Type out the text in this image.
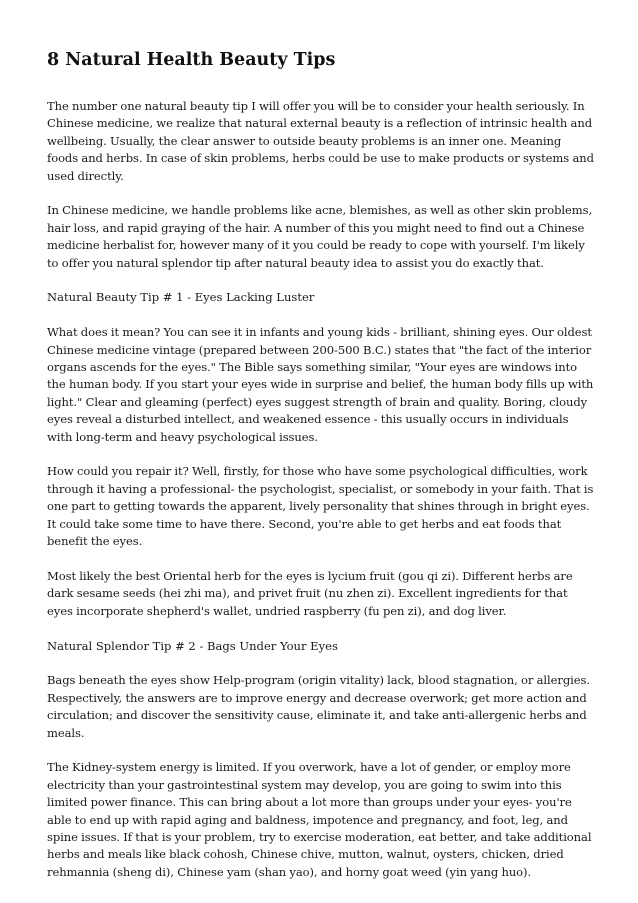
8 Natural Health Beauty Tips

The number one natural beauty tip I will offer you will be to consider your health seriously. In Chinese medicine, we realize that natural external beauty is a reflection of intrinsic health and wellbeing. Usually, the clear answer to outside beauty problems is an inner one. Meaning foods and herbs. In case of skin problems, herbs could be use to make products or systems and used directly.

In Chinese medicine, we handle problems like acne, blemishes, as well as other skin problems, hair loss, and rapid graying of the hair. A number of this you might need to find out a Chinese medicine herbalist for, however many of it you could be ready to cope with yourself. I'm likely to offer you natural splendor tip after natural beauty idea to assist you do exactly that.

Natural Beauty Tip # 1 - Eyes Lacking Luster

What does it mean? You can see it in infants and young kids - brilliant, shining eyes. Our oldest Chinese medicine vintage (prepared between 200-500 B.C.) states that "the fact of the interior organs ascends for the eyes." The Bible says something similar, "Your eyes are windows into the human body. If you start your eyes wide in surprise and belief, the human body fills up with light." Clear and gleaming (perfect) eyes suggest strength of brain and quality. Boring, cloudy eyes reveal a disturbed intellect, and weakened essence - this usually occurs in individuals with long-term and heavy psychological issues.

How could you repair it? Well, firstly, for those who have some psychological difficulties, work through it having a professional- the psychologist, specialist, or somebody in your faith. That is one part to getting towards the apparent, lively personality that shines through in bright eyes. It could take some time to have there. Second, you're able to get herbs and eat foods that benefit the eyes.

Most likely the best Oriental herb for the eyes is lycium fruit (gou qi zi). Different herbs are dark sesame seeds (hei zhi ma), and privet fruit (nu zhen zi). Excellent ingredients for that eyes incorporate shepherd's wallet, undried raspberry (fu pen zi), and dog liver.

Natural Splendor Tip # 2 - Bags Under Your Eyes

Bags beneath the eyes show Help-program (origin vitality) lack, blood stagnation, or allergies. Respectively, the answers are to improve energy and decrease overwork; get more action and circulation; and discover the sensitivity cause, eliminate it, and take anti-allergenic herbs and meals.

The Kidney-system energy is limited. If you overwork, have a lot of gender, or employ more electricity than your gastrointestinal system may develop, you are going to swim into this limited power finance. This can bring about a lot more than groups under your eyes- you're able to end up with rapid aging and baldness, impotence and pregnancy, and foot, leg, and spine issues. If that is your problem, try to exercise moderation, eat better, and take additional herbs and meals like black cohosh, Chinese chive, mutton, walnut, oysters, chicken, dried rehmannia (sheng di), Chinese yam (shan yao), and horny goat weed (yin yang huo).
